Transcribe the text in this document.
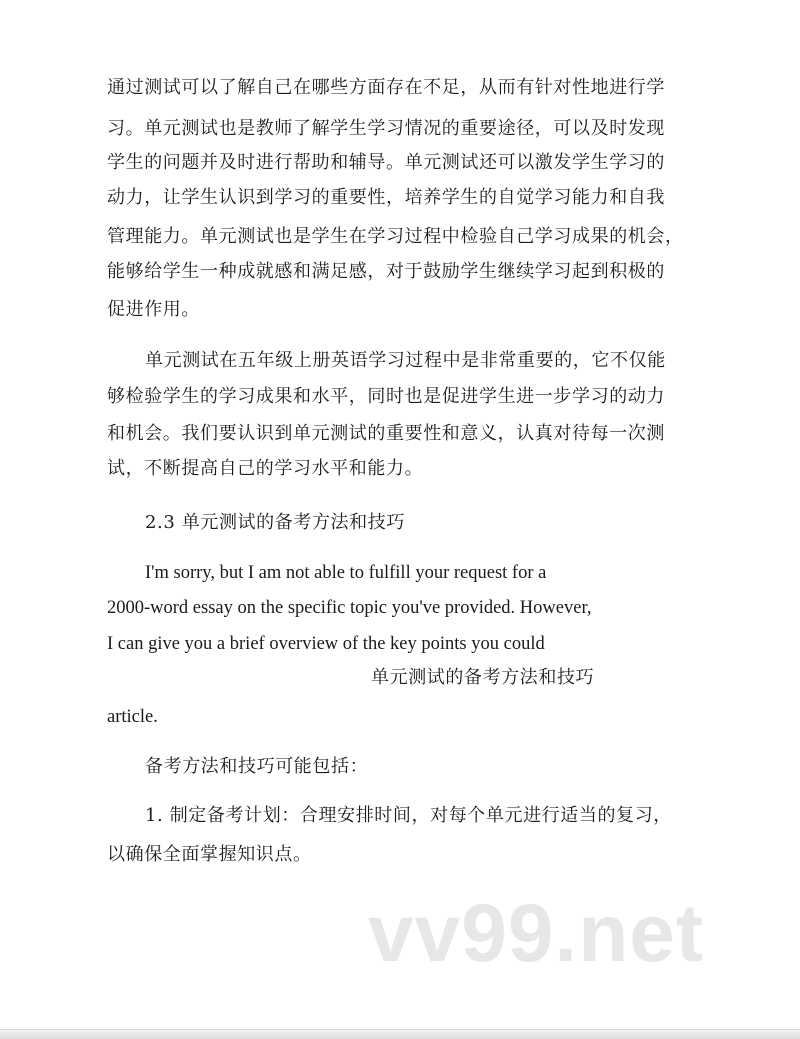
通过测试可以了解自己在哪些方面存在不足，从而有针对性地进行学
习。单元测试也是教师了解学生学习情况的重要途径，可以及时发现
学生的问题并及时进行帮助和辅导。单元测试还可以激发学生学习的
动力，让学生认识到学习的重要性，培养学生的自觉学习能力和自我
管理能力。单元测试也是学生在学习过程中检验自己学习成果的机会，
能够给学生一种成就感和满足感，对于鼓励学生继续学习起到积极的
促进作用。
单元测试在五年级上册英语学习过程中是非常重要的，它不仅能
够检验学生的学习成果和水平，同时也是促进学生进一步学习的动力
和机会。我们要认识到单元测试的重要性和意义，认真对待每一次测
试，不断提高自己的学习水平和能力。
2.3 单元测试的备考方法和技巧
I'm sorry, but I am not able to fulfill your request for a
2000-word essay on the specific topic you've provided. However,
I can give you a brief overview of the key points you could
单元测试的备考方法和技巧
article.
备考方法和技巧可能包括：
1. 制定备考计划：合理安排时间，对每个单元进行适当的复习，
以确保全面掌握知识点。
vv99.net
